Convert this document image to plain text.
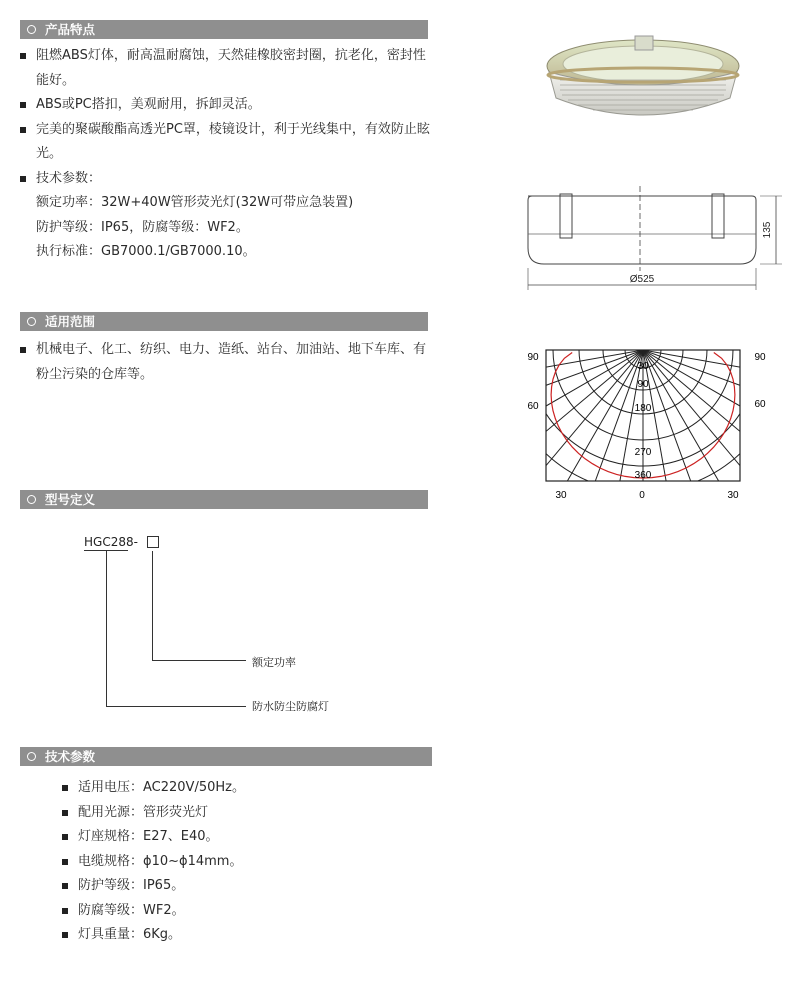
产品特点
阻燃ABS灯体，耐高温耐腐蚀，天然硅橡胶密封圈，抗老化，密封性能好。
ABS或PC搭扣，美观耐用，拆卸灵活。
完美的聚碳酸酯高透光PC罩，棱镜设计，利于光线集中，有效防止眩光。
技术参数：
额定功率：32W+40W管形荧光灯(32W可带应急装置)
防护等级：IP65，防腐等级：WF2。
执行标准：GB7000.1/GB7000.10。
135
Ø525
90
60
90
60
30
90
180
270
360
30	0	30
适用范围
机械电子、化工、纺织、电力、造纸、站台、加油站、地下车库、有粉尘污染的仓库等。
型号定义
HGC288-
额定功率
防水防尘防腐灯
技术参数
适用电压：AC220V/50Hz。
配用光源：管形荧光灯
灯座规格：E27、E40。
电缆规格：ɸ10~ɸ14mm。
防护等级：IP65。
防腐等级：WF2。
灯具重量：6Kg。
